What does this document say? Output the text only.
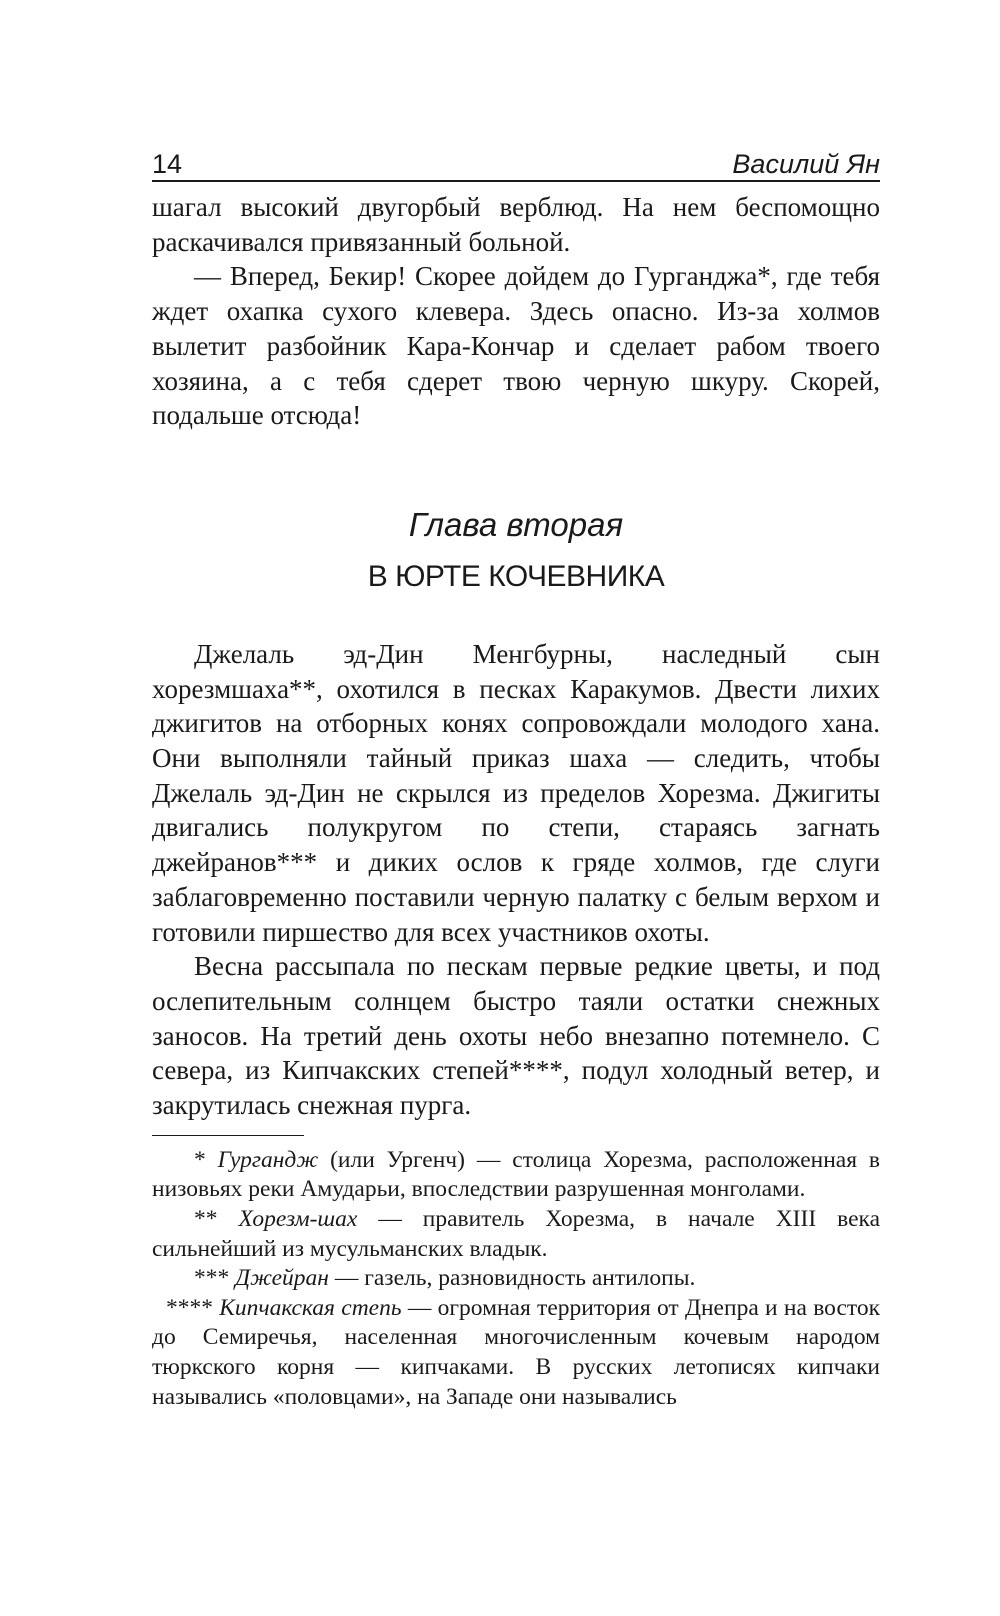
14	Василий Ян

шагал высокий двугорбый верблюд. На нем беспомощно раскачивался привязанный больной.

— Вперед, Бекир! Скорее дойдем до Гурганджа*, где тебя ждет охапка сухого клевера. Здесь опасно. Из-за холмов вылетит разбойник Кара-Кончар и сделает рабом твоего хозяина, а с тебя сдерет твою черную шкуру. Скорей, подальше отсюда!

Глава вторая
В ЮРТЕ КОЧЕВНИКА

Джелаль эд-Дин Менгбурны, наследный сын хорезмшаха**, охотился в песках Каракумов. Двести лихих джигитов на отборных конях сопровождали молодого хана. Они выполняли тайный приказ шаха — следить, чтобы Джелаль эд-Дин не скрылся из пределов Хорезма. Джигиты двигались полукругом по степи, стараясь загнать джейранов*** и диких ослов к гряде холмов, где слуги заблаговременно поставили черную палатку с белым верхом и готовили пиршество для всех участников охоты.

Весна рассыпала по пескам первые редкие цветы, и под ослепительным солнцем быстро таяли остатки снежных заносов. На третий день охоты небо внезапно потемнело. С севера, из Кипчакских степей****, подул холодный ветер, и закрутилась снежная пурга.

* Гургандж (или Ургенч) — столица Хорезма, расположенная в низовьях реки Амударьи, впоследствии разрушенная монголами.

** Хорезм-шах — правитель Хорезма, в начале XIII века сильнейший из мусульманских владык.

*** Джейран — газель, разновидность антилопы.

**** Кипчакская степь — огромная территория от Днепра и на восток до Семиречья, населенная многочисленным кочевым народом тюркского корня — кипчаками. В русских летописях кипчаки назывались «половцами», на Западе они назывались
